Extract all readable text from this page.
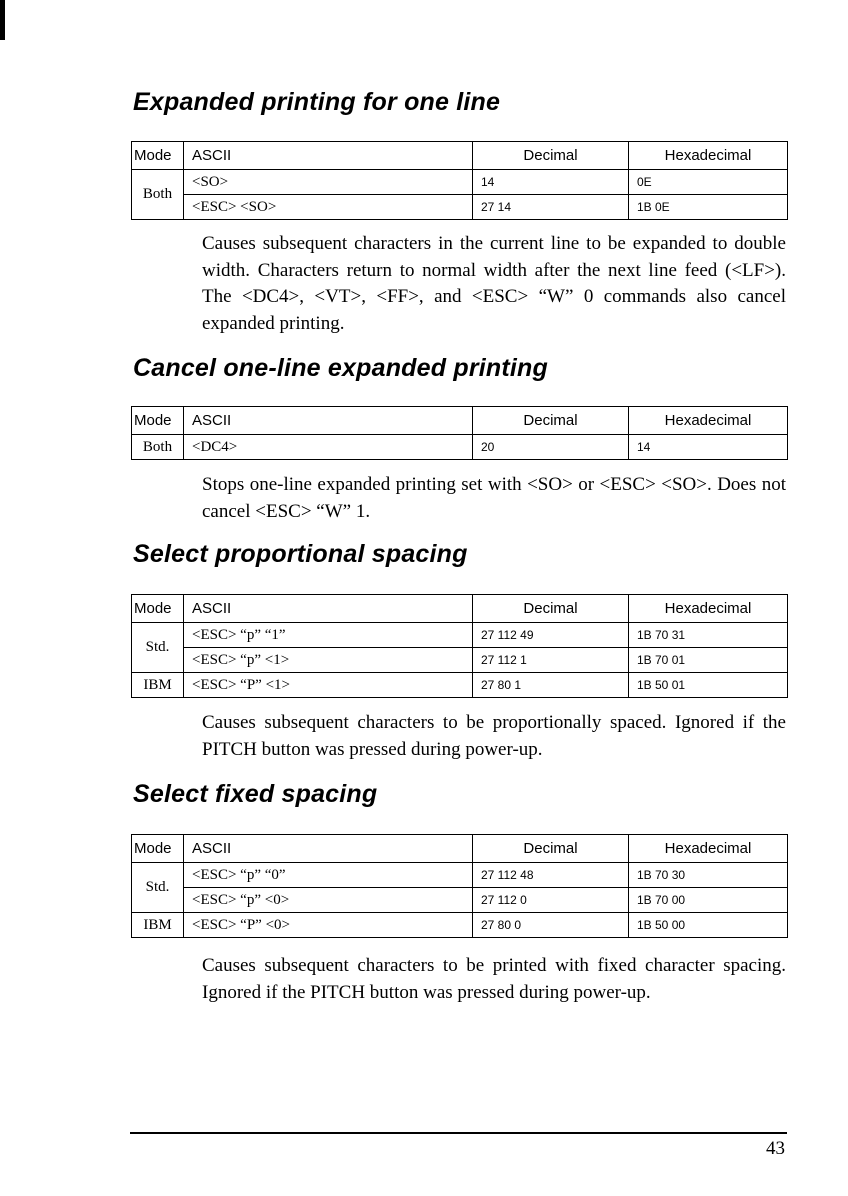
Expanded printing for one line
Mode	ASCII	Decimal	Hexadecimal
Both	<SO>	14	0E
	<ESC> <SO>	27 14	1B 0E

Causes subsequent characters in the current line to be expanded to double width. Characters return to normal width after the next line feed (<LF>). The <DC4>, <VT>, <FF>, and <ESC> “W” 0 commands also cancel expanded printing.

Cancel one-line expanded printing
Mode	ASCII	Decimal	Hexadecimal
Both	<DC4>	20	14

Stops one-line expanded printing set with <SO> or <ESC> <SO>. Does not cancel <ESC> “W” 1.

Select proportional spacing
Mode	ASCII	Decimal	Hexadecimal
Std.	<ESC> “p” “1”	27 112 49	1B 70 31
	<ESC> “p” <1>	27 112 1	1B 70 01
IBM	<ESC> “P” <1>	27 80 1	1B 50 01

Causes subsequent characters to be proportionally spaced. Ignored if the PITCH button was pressed during power-up.

Select fixed spacing
Mode	ASCII	Decimal	Hexadecimal
Std.	<ESC> “p” “0”	27 112 48	1B 70 30
	<ESC> “p” <0>	27 112 0	1B 70 00
IBM	<ESC> “P” <0>	27 80 0	1B 50 00

Causes subsequent characters to be printed with fixed character spacing. Ignored if the PITCH button was pressed during power-up.

43
